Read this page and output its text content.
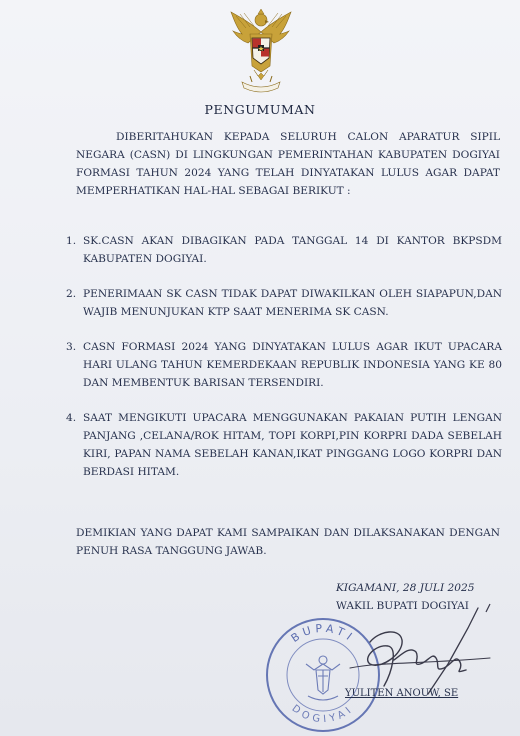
PENGUMUMAN
DIBERITAHUKAN KEPADA SELURUH CALON APARATUR SIPIL NEGARA (CASN) DI LINGKUNGAN PEMERINTAHAN KABUPATEN DOGIYAI FORMASI TAHUN 2024 YANG TELAH DINYATAKAN LULUS AGAR DAPAT MEMPERHATIKAN HAL-HAL SEBAGAI BERIKUT :
1. SK.CASN AKAN DIBAGIKAN PADA TANGGAL 14 DI KANTOR BKPSDM KABUPATEN DOGIYAI.
2. PENERIMAAN SK CASN TIDAK DAPAT DIWAKILKAN OLEH SIAPAPUN,DAN WAJIB MENUNJUKAN KTP SAAT MENERIMA SK CASN.
3. CASN FORMASI 2024 YANG DINYATAKAN LULUS AGAR IKUT UPACARA HARI ULANG TAHUN KEMERDEKAAN REPUBLIK INDONESIA YANG KE 80 DAN MEMBENTUK BARISAN TERSENDIRI.
4. SAAT MENGIKUTI UPACARA MENGGUNAKAN PAKAIAN PUTIH LENGAN PANJANG ,CELANA/ROK HITAM, TOPI KORPI,PIN KORPRI DADA SEBELAH KIRI, PAPAN NAMA SEBELAH KANAN,IKAT PINGGANG LOGO KORPRI DAN BERDASI HITAM.
DEMIKIAN YANG DAPAT KAMI SAMPAIKAN DAN DILAKSANAKAN DENGAN PENUH RASA TANGGUNG JAWAB.
KIGAMANI, 28 JULI 2025
WAKIL BUPATI DOGIYAI
BUPATI
DOGIYAI
YULITEN ANOUW, SE
